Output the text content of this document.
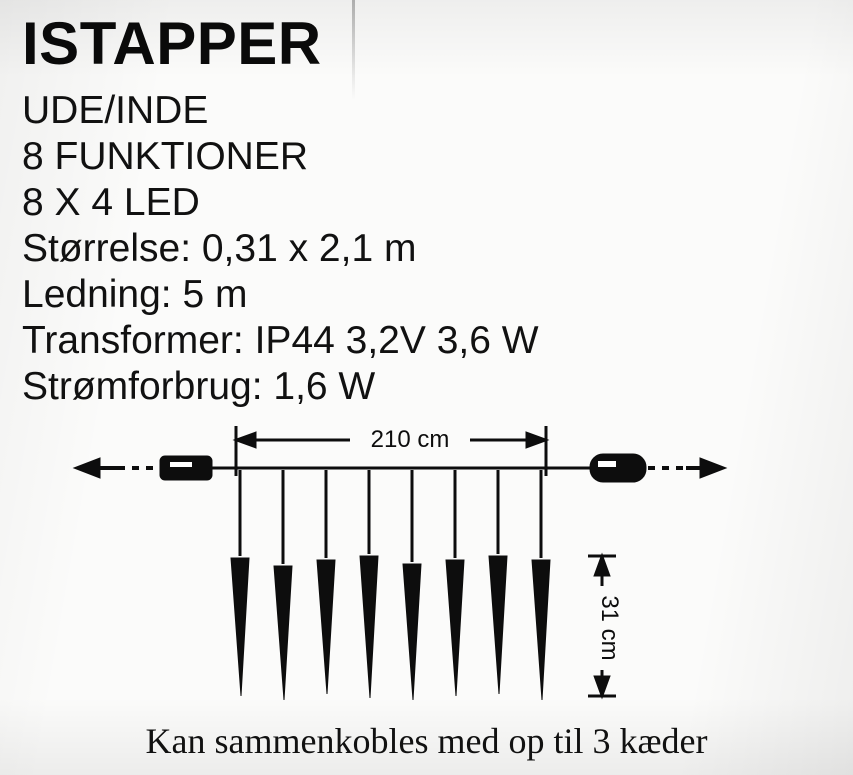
ISTAPPER
UDE/INDE
8 FUNKTIONER
8 X 4 LED
Størrelse: 0,31 x 2,1 m
Ledning: 5 m
Transformer: IP44 3,2V 3,6 W
Strømforbrug: 1,6 W
210 cm
31 cm
Kan sammenkobles med op til 3 kæder
